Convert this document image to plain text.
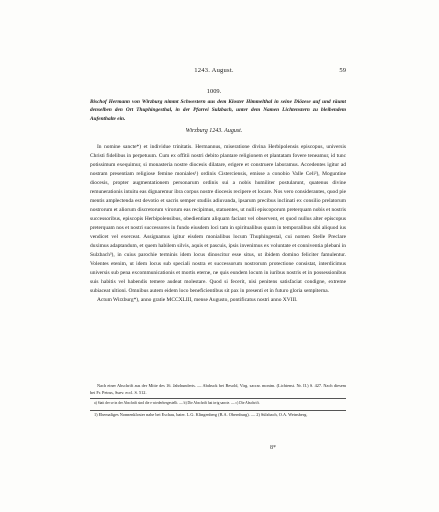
1243. August.	59
1009.
Bischof Hermann von Wirzburg nimmt Schwestern aus dem Kloster Himmelthal in seine Diözese auf und räumt denselben den Ort Thuphingesthal, in der Pfarrei Sulzbach, unter dem Namen Lichtenstern zu bleibendem Aufenthalte ein.
Wirzburg 1243. August.

In nomine sancte*) et individue trinitatis. Hermannus, miseratione divina Herbipolensis episcopus, universis Christi fidelibus in perpetuum. Cum ex offitii nostri debito plantare religionem et plantatam fovere teneamur, id tunc potissimum exequimur, si monasteria nostre diocesis dilatare, erigere et construere laboramus. Accedentes igitur ad nostram presentiam religiose femine moniales¹) ordinis Cisterciensis, emisse a conobio Valle Celi²), Moguntine diocesis, propter augmentationem personarum ordinis sui a nobis humiliter postularunt, quatenus divine remunerationis intuitu eas dignaremur ibra corpus nostre diocesis recipere et locare. Nos vero considerantes, quod pie mentis amplectenda est devotio et sacris semper studiis adiuvanda, ipsarum precibus inclinati ex consilio prelatorum nostrorum et aliorum discretorum virorum eas recipimus, statuentes, ut nulli episcoporum preterquam nobis et nostris successoribus, episcopis Herbipolensibus, obedientiam aliquam faciant vel observent, et quod nullus alter episcopus preterquam nos et nostri successores in fundo eiusdem loci tam in spiritualibus quam in temporalibus sibi aliquod ius vendicet vel exerceat. Assignamus igitur eisdem monialibus locum Thuphingestal, cui nomen Stelle Preclare duximus adaptandum, et quem habilem silvis, aquis et pascuis, ipsis invenimus ex voluntate et conniventia plebani in Sulzbach³), in cuius parochie terminis idem locus dinoscitur esse situs, ut ibidem domino feliciter famulentur. Volentes etenim, ut idem locus sub speciali nostra et successorum nostrorum protectione consistat, interdicimus universis sub pena excommunicationis et mortis eterne, ne quis eundem locum in iuribus nostris et in possessionibus suis habitis vel habendis temere audeat molestare. Quod si fecerit, nisi penitens satisfaciat condigne, extreme subiaceat ultioni. Omnibus autem eidem loco beneficientibus sit pax in presenti et in futuro gloria sempiterna.

Actum Wirzburg*), anno gratie MCCXLIII, mense Augusto, pontificatus nostri anno XVIII.

Nach einer Abschrift aus der Mitte des 16. Jahrhunderts. — Abdruck bei Besold, Virg. sacrar. monim. (Lichtenst. Nr. II.) S. 427. Nach diesem bei Fr. Petrus, Suev. eccl. S. 512.

a) Statt der se in der Abschrift sind die e wiederhergestellt. — b) Die Abschrift hat irrig sancte. — c) Die Abschrift.

1) Ehemaliges Nonnenkloster nahe bei Eschau, baier. L.G. Klingenberg (B.A. Obernburg). — 2) Sülzbach, O.A. Weinsberg.

8*
